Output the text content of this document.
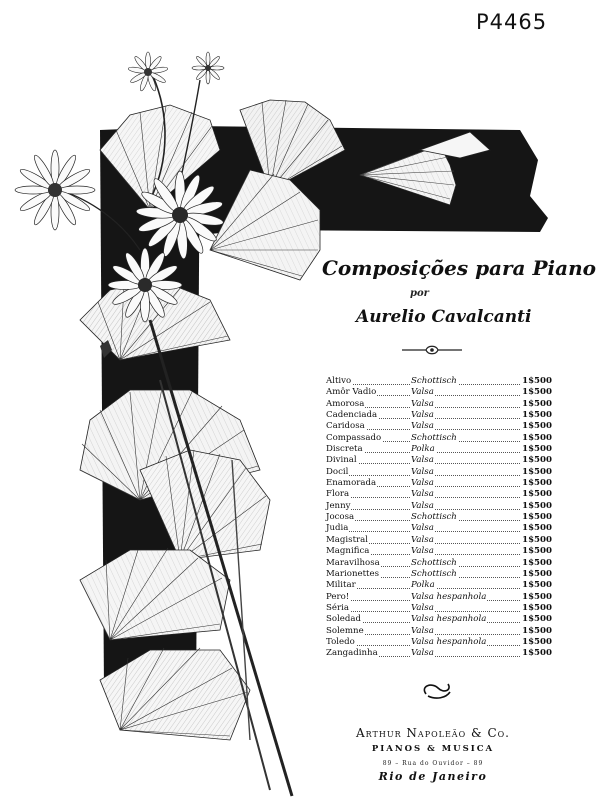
P4465
Composições para Piano
por
Aurelio Cavalcanti
Altivo	Schottisch	1$500
Amôr Vadio	Valsa	1$500
Amorosa	Valsa	1$500
Cadenciada	Valsa	1$500
Caridosa	Valsa	1$500
Compassado	Schottisch	1$500
Discreta	Polka	1$500
Divinal	Valsa	1$500
Docil	Valsa	1$500
Enamorada	Valsa	1$500
Flora	Valsa	1$500
Jenny	Valsa	1$500
Jocosa	Schottisch	1$500
Judia	Valsa	1$500
Magistral	Valsa	1$500
Magnifica	Valsa	1$500
Maravilhosa	Schottisch	1$500
Marionettes	Schottisch	1$500
Militar	Polka	1$500
Pero!	Valsa hespanhola	1$500
Séria	Valsa	1$500
Soledad	Valsa hespanhola	1$500
Solemne	Valsa	1$500
Toledo	Valsa hespanhola	1$500
Zangadinha	Valsa	1$500
Arthur Napoleão & Co.
PIANOS & MUSICA
89 – Rua do Ouvidor – 89
Rio de Janeiro
